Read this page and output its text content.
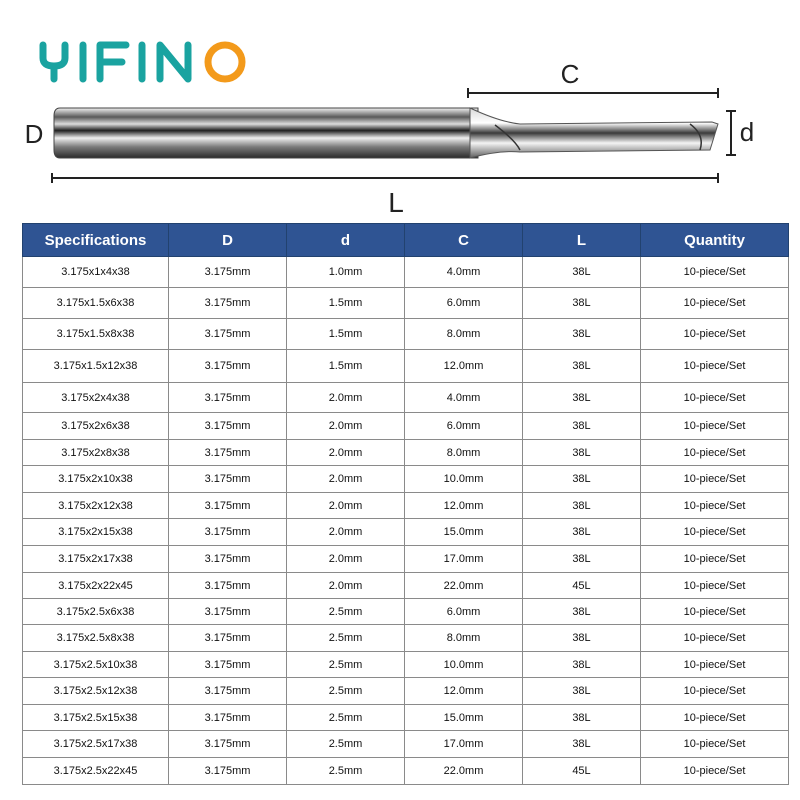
C
D	d
L
Specifications	D	d	C	L	Quantity
3.175x1x4x38	3.175mm	1.0mm	4.0mm	38L	10-piece/Set
3.175x1.5x6x38	3.175mm	1.5mm	6.0mm	38L	10-piece/Set
3.175x1.5x8x38	3.175mm	1.5mm	8.0mm	38L	10-piece/Set
3.175x1.5x12x38	3.175mm	1.5mm	12.0mm	38L	10-piece/Set
3.175x2x4x38	3.175mm	2.0mm	4.0mm	38L	10-piece/Set
3.175x2x6x38	3.175mm	2.0mm	6.0mm	38L	10-piece/Set
3.175x2x8x38	3.175mm	2.0mm	8.0mm	38L	10-piece/Set
3.175x2x10x38	3.175mm	2.0mm	10.0mm	38L	10-piece/Set
3.175x2x12x38	3.175mm	2.0mm	12.0mm	38L	10-piece/Set
3.175x2x15x38	3.175mm	2.0mm	15.0mm	38L	10-piece/Set
3.175x2x17x38	3.175mm	2.0mm	17.0mm	38L	10-piece/Set
3.175x2x22x45	3.175mm	2.0mm	22.0mm	45L	10-piece/Set
3.175x2.5x6x38	3.175mm	2.5mm	6.0mm	38L	10-piece/Set
3.175x2.5x8x38	3.175mm	2.5mm	8.0mm	38L	10-piece/Set
3.175x2.5x10x38	3.175mm	2.5mm	10.0mm	38L	10-piece/Set
3.175x2.5x12x38	3.175mm	2.5mm	12.0mm	38L	10-piece/Set
3.175x2.5x15x38	3.175mm	2.5mm	15.0mm	38L	10-piece/Set
3.175x2.5x17x38	3.175mm	2.5mm	17.0mm	38L	10-piece/Set
3.175x2.5x22x45	3.175mm	2.5mm	22.0mm	45L	10-piece/Set
